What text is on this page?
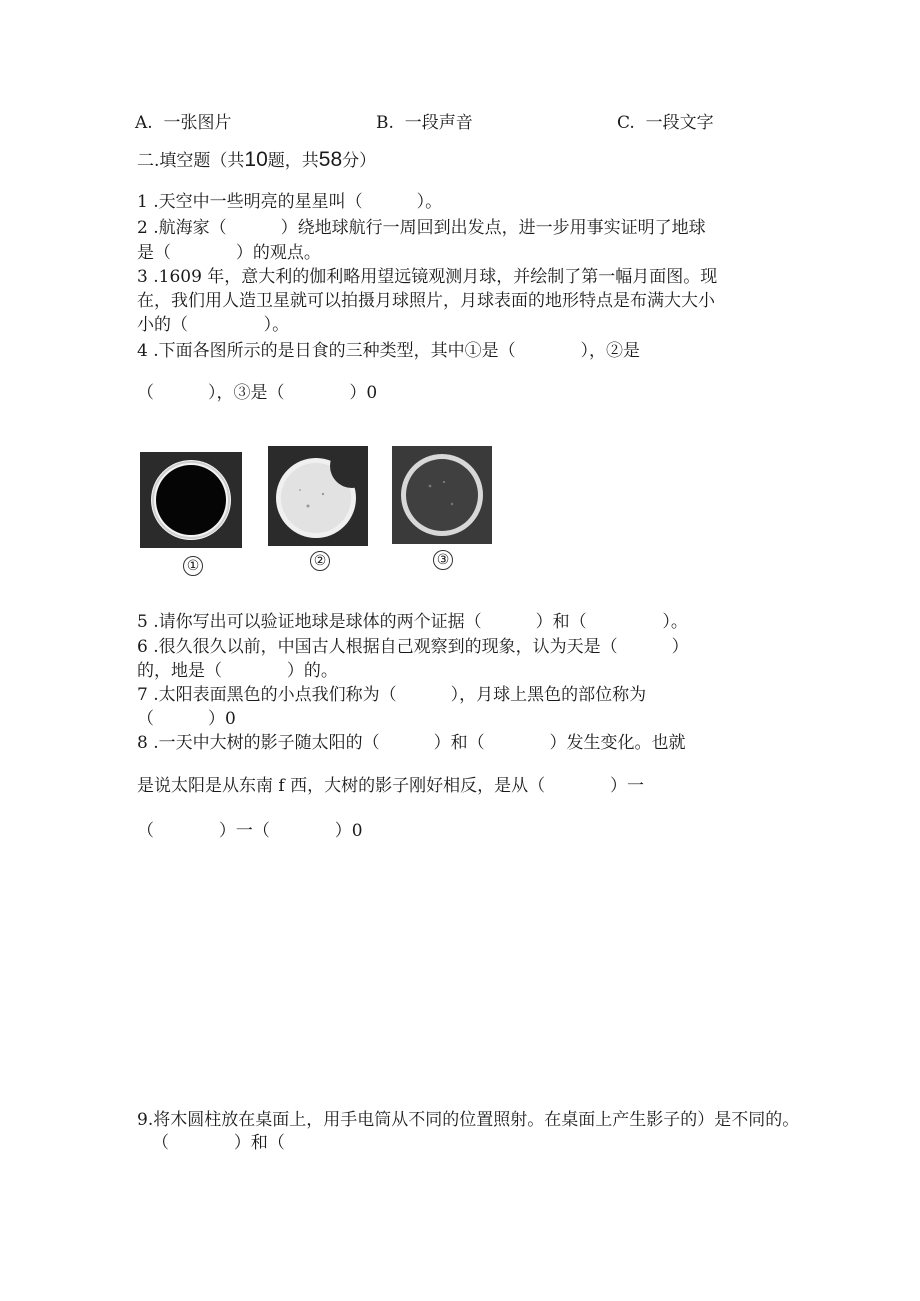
A.  一张图片	B.  一段声音	C.  一段文字
二.填空题（共10题，共58分）
1 .天空中一些明亮的星星叫（          ）。
2 .航海家（          ）绕地球航行一周回到出发点，进一步用事实证明了地球
是（            ）的观点。
3 .1609 年，意大利的伽利略用望远镜观测月球，并绘制了第一幅月面图。现
在，我们用人造卫星就可以拍摄月球照片，月球表面的地形特点是布满大大小
小的（              ）。
4 .下面各图所示的是日食的三种类型，其中①是（            ），②是
（          ），③是（            ）0
①	②	③
5 .请你写出可以验证地球是球体的两个证据（          ）和（              ）。
6 .很久很久以前，中国古人根据自己观察到的现象，认为天是（          ）
的，地是（            ）的。
7 .太阳表面黑色的小点我们称为（          ），月球上黑色的部位称为
（          ）0
8 .一天中大树的影子随太阳的（          ）和（            ）发生变化。也就
是说太阳是从东南 f 西，大树的影子刚好相反，是从（            ）一
（            ）一（            ）0
9.将木圆柱放在桌面上，用手电筒从不同的位置照射。在桌面上产生影子的）是不同的。
（            ）和（
